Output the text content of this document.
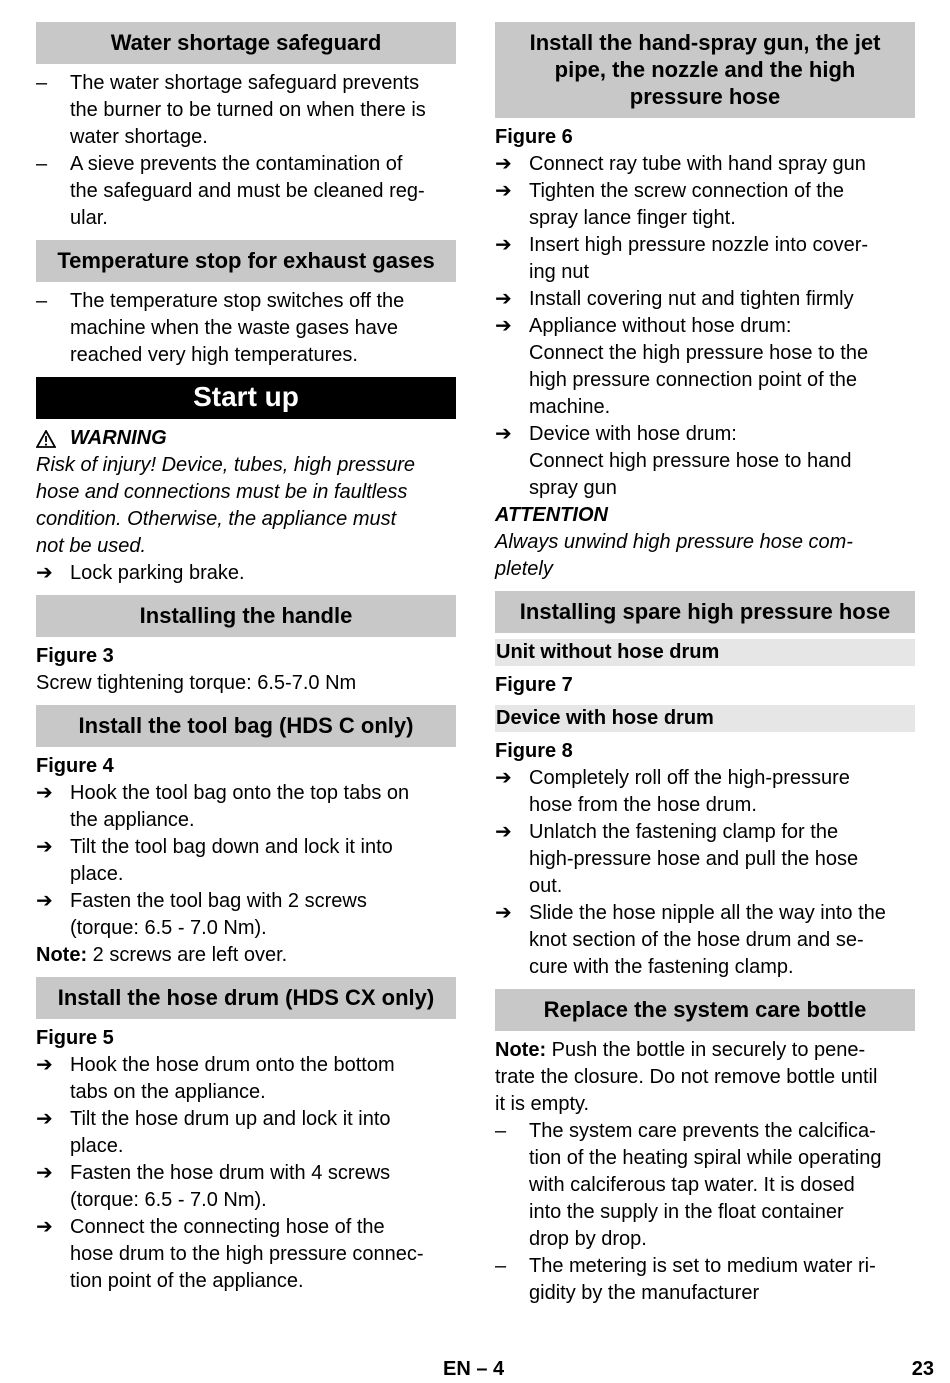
Water shortage safeguard
–	The water shortage safeguard prevents
the burner to be turned on when there is
water shortage.
–	A sieve prevents the contamination of
the safeguard and must be cleaned reg-
ular.
Temperature stop for exhaust gases
–	The temperature stop switches off the
machine when the waste gases have
reached very high temperatures.
Start up
WARNING
Risk of injury! Device, tubes, high pressure
hose and connections must be in faultless
condition. Otherwise, the appliance must
not be used.
➔ Lock parking brake.
Installing the handle
Figure 3
Screw tightening torque: 6.5-7.0 Nm
Install the tool bag (HDS C only)
Figure 4
➔ Hook the tool bag onto the top tabs on
the appliance.
➔ Tilt the tool bag down and lock it into
place.
➔ Fasten the tool bag with 2 screws
(torque: 6.5 - 7.0 Nm).
Note: 2 screws are left over.
Install the hose drum (HDS CX only)
Figure 5
➔ Hook the hose drum onto the bottom
tabs on the appliance.
➔ Tilt the hose drum up and lock it into
place.
➔ Fasten the hose drum with 4 screws
(torque: 6.5 - 7.0 Nm).
➔ Connect the connecting hose of the
hose drum to the high pressure connec-
tion point of the appliance.
Install the hand-spray gun, the jet
pipe, the nozzle and the high
pressure hose
Figure 6
➔ Connect ray tube with hand spray gun
➔ Tighten the screw connection of the
spray lance finger tight.
➔ Insert high pressure nozzle into cover-
ing nut
➔ Install covering nut and tighten firmly
➔ Appliance without hose drum:
Connect the high pressure hose to the
high pressure connection point of the
machine.
➔ Device with hose drum:
Connect high pressure hose to hand
spray gun
ATTENTION
Always unwind high pressure hose com-
pletely
Installing spare high pressure hose
Unit without hose drum
Figure 7
Device with hose drum
Figure 8
➔ Completely roll off the high-pressure
hose from the hose drum.
➔ Unlatch the fastening clamp for the
high-pressure hose and pull the hose
out.
➔ Slide the hose nipple all the way into the
knot section of the hose drum and se-
cure with the fastening clamp.
Replace the system care bottle
Note: Push the bottle in securely to pene-
trate the closure. Do not remove bottle until
it is empty.
–	The system care prevents the calcifica-
tion of the heating spiral while operating
with calciferous tap water. It is dosed
into the supply in the float container
drop by drop.
–	The metering is set to medium water ri-
gidity by the manufacturer
EN – 4	23
